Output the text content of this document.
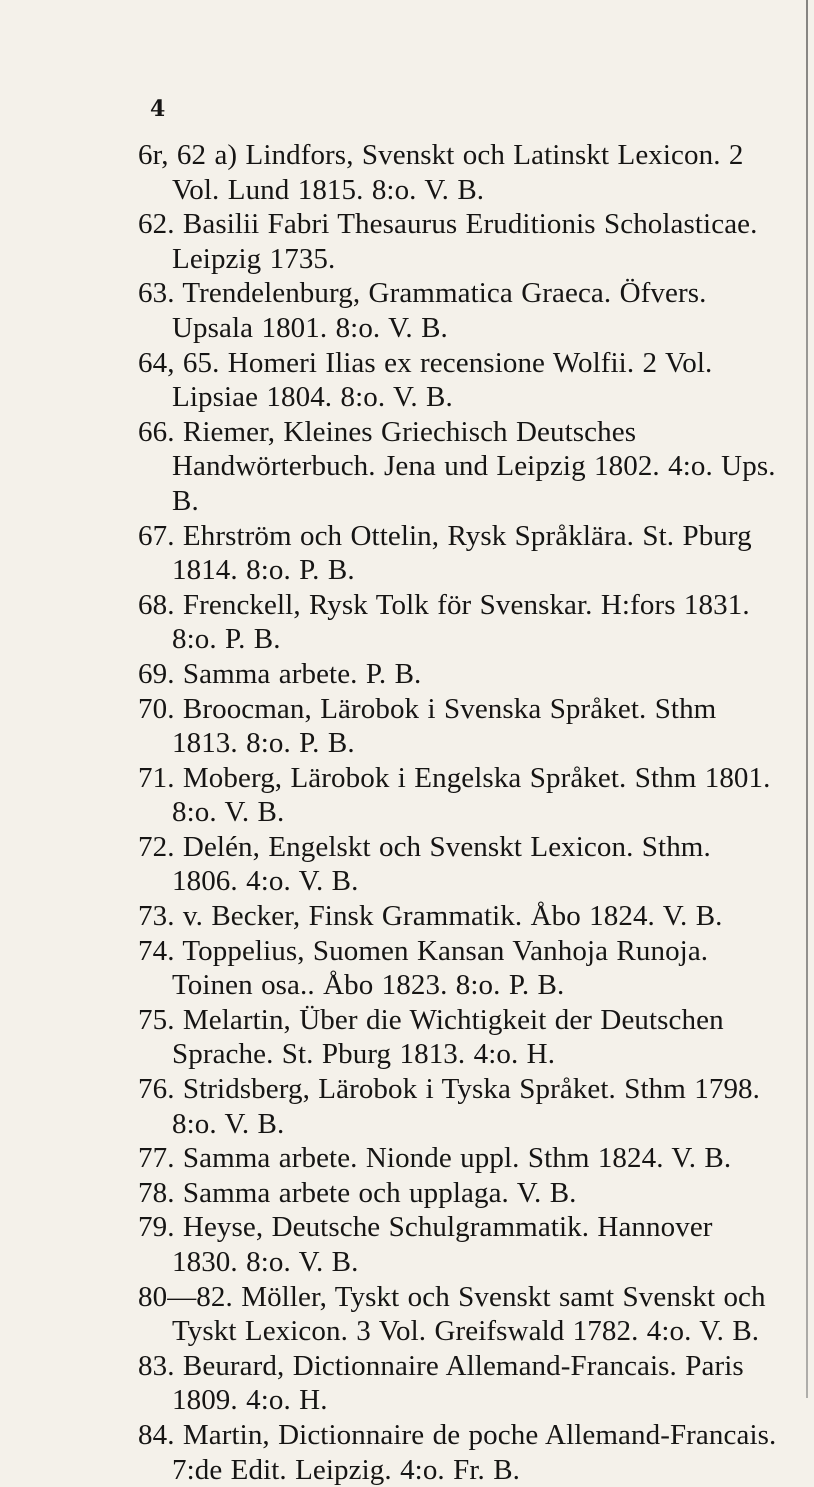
4

6r, 62 a) Lindfors, Svenskt och Latinskt Lexicon. 2 Vol. Lund 1815. 8:o. V. B.

62. Basilii Fabri Thesaurus Eruditionis Scholasticae. Leipzig 1735.

63. Trendelenburg, Grammatica Graeca. Öfvers. Upsala 1801. 8:o. V. B.

64, 65. Homeri Ilias ex recensione Wolfii. 2 Vol. Lipsiae 1804. 8:o. V. B.

66. Riemer, Kleines Griechisch Deutsches Handwörterbuch. Jena und Leipzig 1802. 4:o. Ups. B.

67. Ehrström och Ottelin, Rysk Språklära. St. Pburg 1814. 8:o. P. B.

68. Frenckell, Rysk Tolk för Svenskar. H:fors 1831. 8:o. P. B.

69. Samma arbete. P. B.

70. Broocman, Lärobok i Svenska Språket. Sthm 1813. 8:o. P. B.

71. Moberg, Lärobok i Engelska Språket. Sthm 1801. 8:o. V. B.

72. Delén, Engelskt och Svenskt Lexicon. Sthm. 1806. 4:o. V. B.

73. v. Becker, Finsk Grammatik. Åbo 1824. V. B.

74. Toppelius, Suomen Kansan Vanhoja Runoja. Toinen osa.. Åbo 1823. 8:o. P. B.

75. Melartin, Über die Wichtigkeit der Deutschen Sprache. St. Pburg 1813. 4:o. H.

76. Stridsberg, Lärobok i Tyska Språket. Sthm 1798. 8:o. V. B.

77. Samma arbete. Nionde uppl. Sthm 1824. V. B.

78. Samma arbete och upplaga. V. B.

79. Heyse, Deutsche Schulgrammatik. Hannover 1830. 8:o. V. B.

80—82. Möller, Tyskt och Svenskt samt Svenskt och Tyskt Lexicon. 3 Vol. Greifswald 1782. 4:o. V. B.

83. Beurard, Dictionnaire Allemand-Francais. Paris 1809. 4:o. H.

84. Martin, Dictionnaire de poche Allemand-Francais. 7:de Edit. Leipzig. 4:o. Fr. B.
